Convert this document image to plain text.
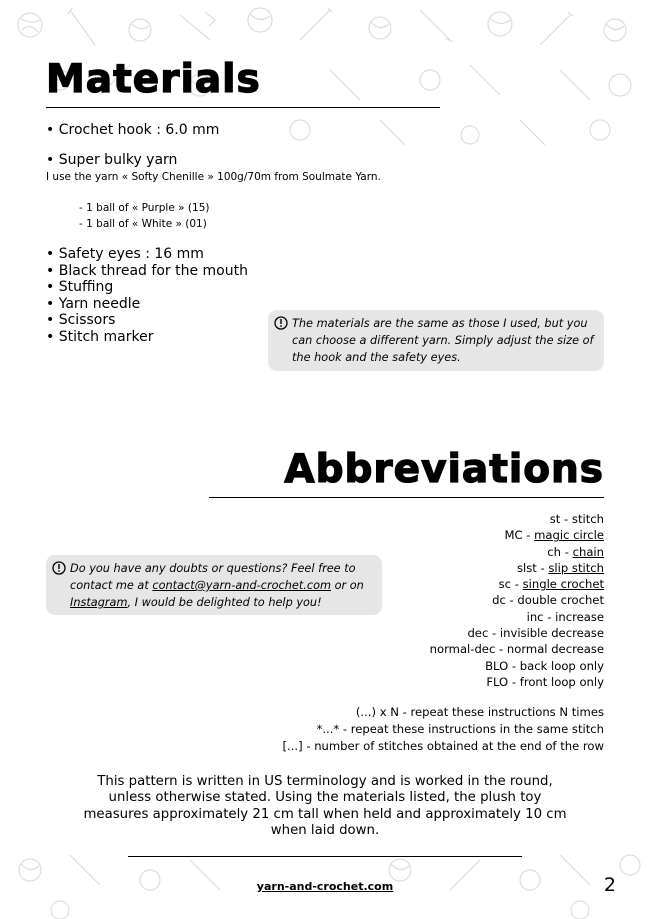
Materials
• Crochet hook : 6.0 mm
• Super bulky yarn
I use the yarn « Softy Chenille » 100g/70m from Soulmate Yarn.
- 1 ball of « Purple » (15)
- 1 ball of « White » (01)
• Safety eyes : 16 mm
• Black thread for the mouth
• Stuffing
• Yarn needle
• Scissors
• Stitch marker
The materials are the same as those I used, but you can choose a different yarn. Simply adjust the size of the hook and the safety eyes.
Abbreviations
st - stitch
MC - magic circle
ch - chain
slst - slip stitch
sc - single crochet
dc - double crochet
inc - increase
dec - invisible decrease
normal-dec - normal decrease
BLO - back loop only
FLO - front loop only
Do you have any doubts or questions? Feel free to contact me at contact@yarn-and-crochet.com or on Instagram, I would be delighted to help you!
(...) x N - repeat these instructions N times
*...* - repeat these instructions in the same stitch
[...] - number of stitches obtained at the end of the row

This pattern is written in US terminology and is worked in the round, unless otherwise stated. Using the materials listed, the plush toy measures approximately 21 cm tall when held and approximately 10 cm when laid down.

yarn-and-crochet.com	2
